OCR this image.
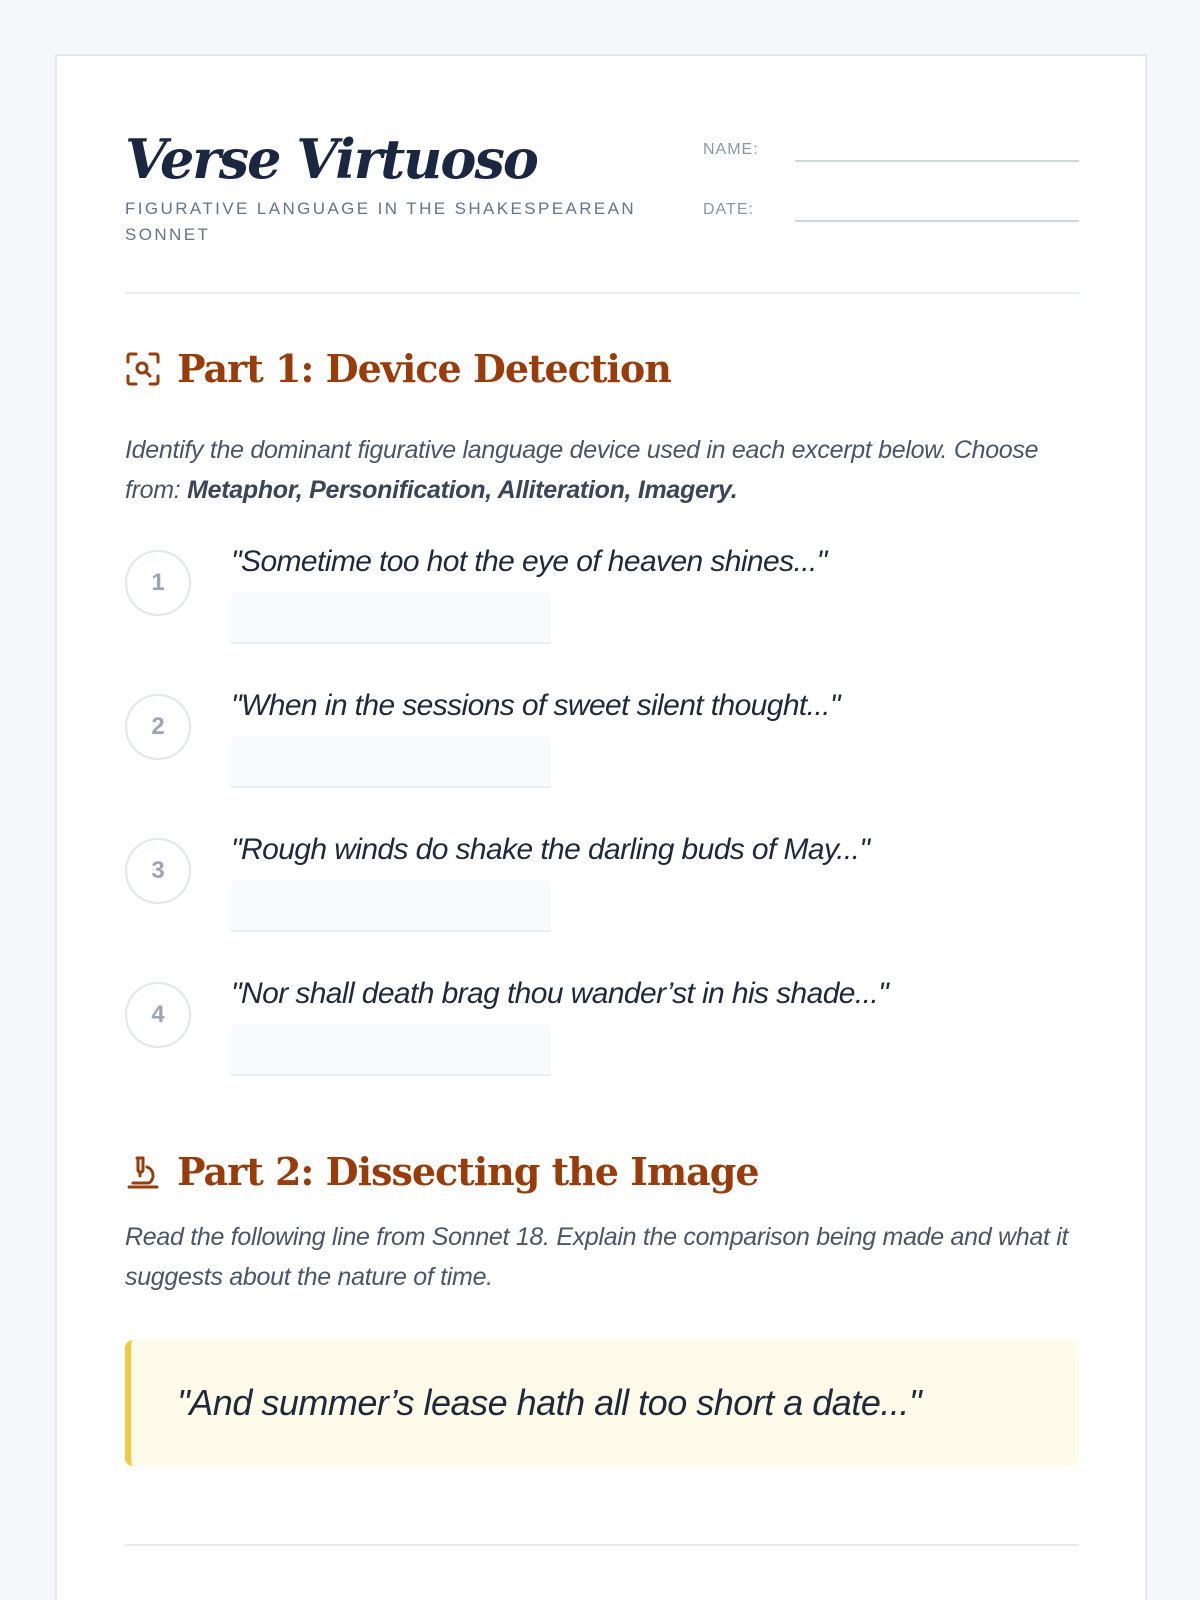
Verse Virtuoso
FIGURATIVE LANGUAGE IN THE SHAKESPEAREAN SONNET
NAME:
DATE:
Part 1: Device Detection
Identify the dominant figurative language device used in each excerpt below. Choose from: Metaphor, Personification, Alliteration, Imagery.
1
"Sometime too hot the eye of heaven shines..."
2
"When in the sessions of sweet silent thought..."
3
"Rough winds do shake the darling buds of May..."
4
"Nor shall death brag thou wander’st in his shade..."
Part 2: Dissecting the Image
Read the following line from Sonnet 18. Explain the comparison being made and what it suggests about the nature of time.
"And summer’s lease hath all too short a date..."
